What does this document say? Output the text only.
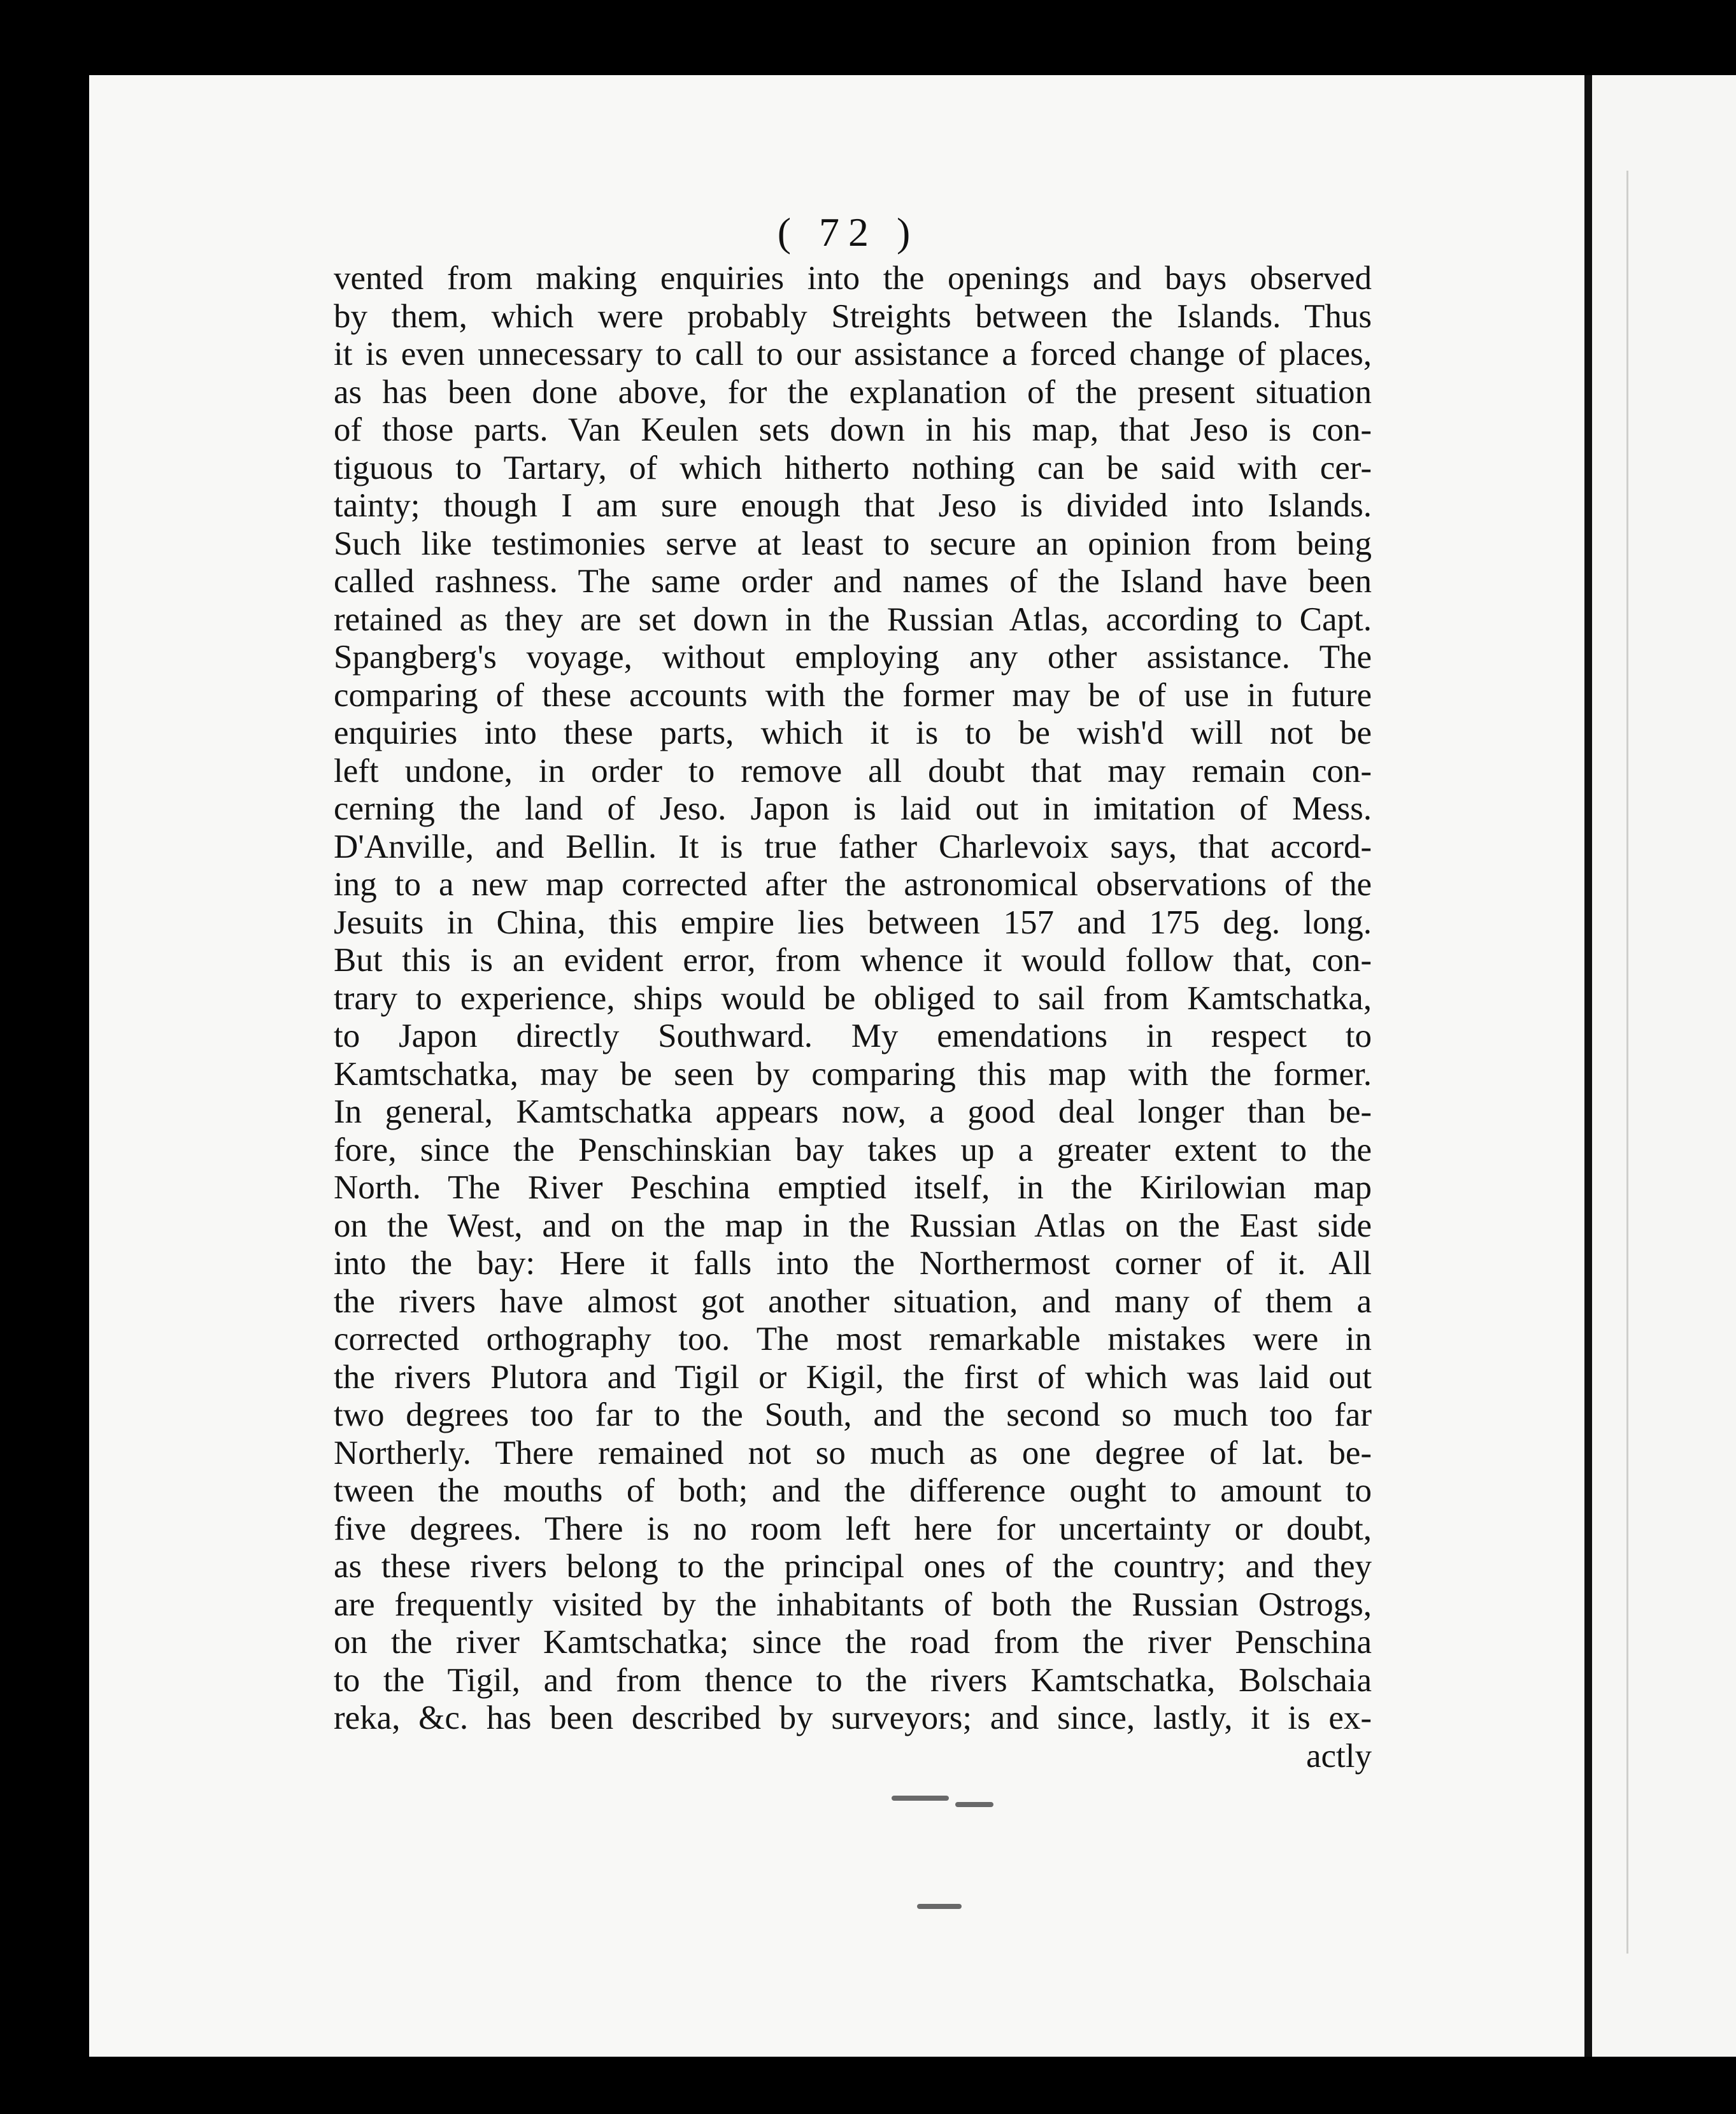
( 72 )
vented from making enquiries into the openings and bays observed
by them, which were probably Streights between the Islands. Thus
it is even unnecessary to call to our assistance a forced change of places,
as has been done above, for the explanation of the present situation
of those parts. Van Keulen sets down in his map, that Jeso is con-
tiguous to Tartary, of which hitherto nothing can be said with cer-
tainty; though I am sure enough that Jeso is divided into Islands.
Such like testimonies serve at least to secure an opinion from being
called rashness. The same order and names of the Island have been
retained as they are set down in the Russian Atlas, according to Capt.
Spangberg's voyage, without employing any other assistance. The
comparing of these accounts with the former may be of use in future
enquiries into these parts, which it is to be wish'd will not be
left undone, in order to remove all doubt that may remain con-
cerning the land of Jeso. Japon is laid out in imitation of Mess.
D'Anville, and Bellin. It is true father Charlevoix says, that accord-
ing to a new map corrected after the astronomical observations of the
Jesuits in China, this empire lies between 157 and 175 deg. long.
But this is an evident error, from whence it would follow that, con-
trary to experience, ships would be obliged to sail from Kamtschatka,
to Japon directly Southward. My emendations in respect to
Kamtschatka, may be seen by comparing this map with the former.
In general, Kamtschatka appears now, a good deal longer than be-
fore, since the Penschinskian bay takes up a greater extent to the
North. The River Peschina emptied itself, in the Kirilowian map
on the West, and on the map in the Russian Atlas on the East side
into the bay: Here it falls into the Northermost corner of it. All
the rivers have almost got another situation, and many of them a
corrected orthography too. The most remarkable mistakes were in
the rivers Plutora and Tigil or Kigil, the first of which was laid out
two degrees too far to the South, and the second so much too far
Northerly. There remained not so much as one degree of lat. be-
tween the mouths of both; and the difference ought to amount to
five degrees. There is no room left here for uncertainty or doubt,
as these rivers belong to the principal ones of the country; and they
are frequently visited by the inhabitants of both the Russian Ostrogs,
on the river Kamtschatka; since the road from the river Penschina
to the Tigil, and from thence to the rivers Kamtschatka, Bolschaia
reka, &c. has been described by surveyors; and since, lastly, it is ex-
actly
